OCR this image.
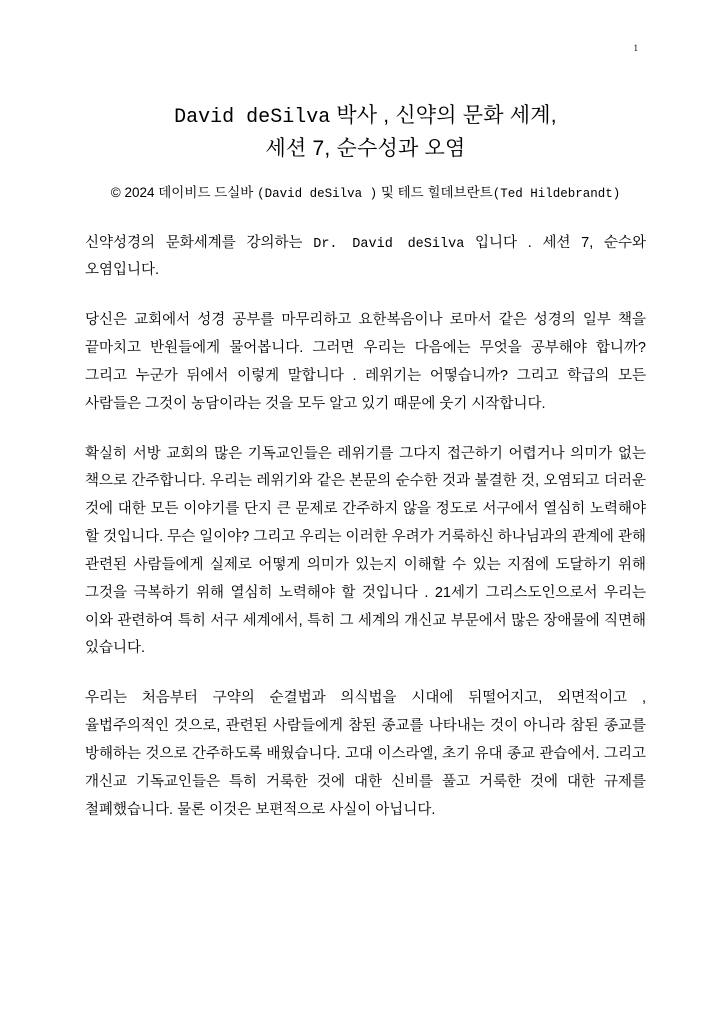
1
David deSilva 박사 , 신약의 문화 세계,
세션 7, 순수성과 오염

© 2024 데이비드 드실바 (David deSilva ) 및 테드 힐데브란트(Ted Hildebrandt)

신약성경의 문화세계를 강의하는 Dr. David deSilva 입니다 . 세션 7, 순수와 오염입니다.

당신은 교회에서 성경 공부를 마무리하고 요한복음이나 로마서 같은 성경의 일부 책을 끝마치고 반원들에게 물어봅니다. 그러면 우리는 다음에는 무엇을 공부해야 합니까? 그리고 누군가 뒤에서 이렇게 말합니다 . 레위기는 어떻습니까? 그리고 학급의 모든 사람들은 그것이 농담이라는 것을 모두 알고 있기 때문에 웃기 시작합니다.

확실히 서방 교회의 많은 기독교인들은 레위기를 그다지 접근하기 어렵거나 의미가 없는 책으로 간주합니다. 우리는 레위기와 같은 본문의 순수한 것과 불결한 것, 오염되고 더러운 것에 대한 모든 이야기를 단지 큰 문제로 간주하지 않을 정도로 서구에서 열심히 노력해야 할 것입니다. 무슨 일이야? 그리고 우리는 이러한 우려가 거룩하신 하나님과의 관계에 관해 관련된 사람들에게 실제로 어떻게 의미가 있는지 이해할 수 있는 지점에 도달하기 위해 그것을 극복하기 위해 열심히 노력해야 할 것입니다 . 21세기 그리스도인으로서 우리는 이와 관련하여 특히 서구 세계에서, 특히 그 세계의 개신교 부문에서 많은 장애물에 직면해 있습니다.

우리는 처음부터 구약의 순결법과 의식법을 시대에 뒤떨어지고, 외면적이고 , 율법주의적인 것으로, 관련된 사람들에게 참된 종교를 나타내는 것이 아니라 참된 종교를 방해하는 것으로 간주하도록 배웠습니다. 고대 이스라엘, 초기 유대 종교 관습에서. 그리고 개신교 기독교인들은 특히 거룩한 것에 대한 신비를 풀고 거룩한 것에 대한 규제를 철폐했습니다. 물론 이것은 보편적으로 사실이 아닙니다.
